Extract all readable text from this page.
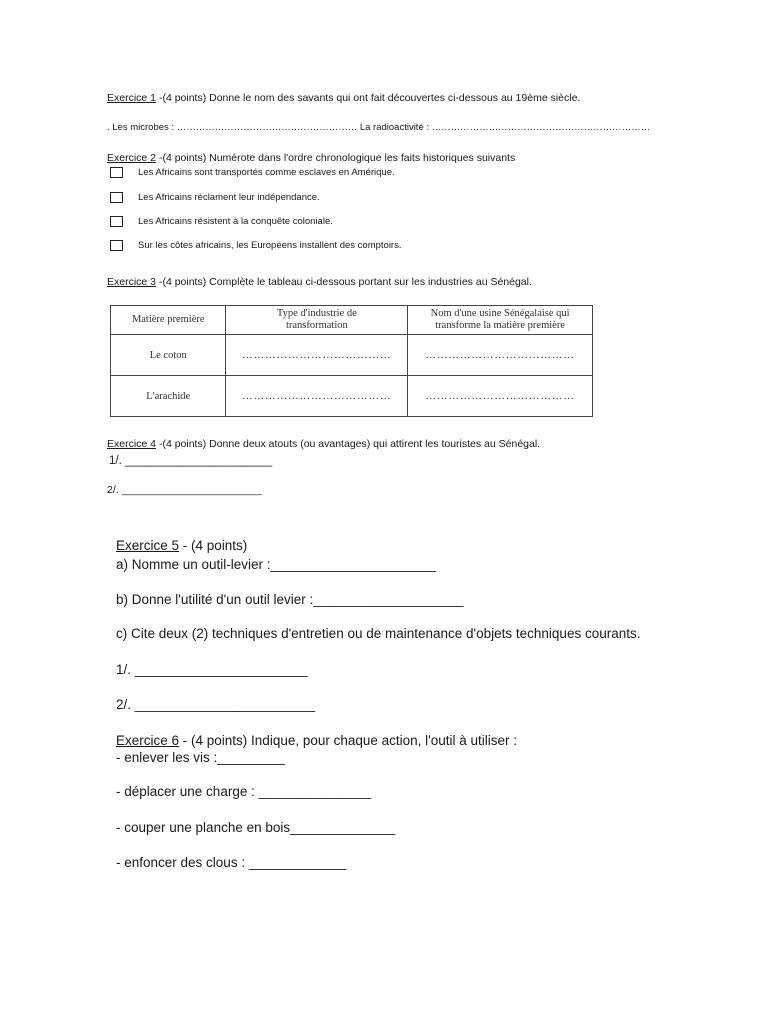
Exercice 1 -(4 points) Donne le nom des savants qui ont fait découvertes ci-dessous au 19ème siècle.
. Les microbes : ………………………………………………… La radioactivité : ……………………………………………………………
Exercice 2 -(4 points) Numérote dans l'ordre chronologique les faits historiques suivants
Les Africains sont transportés comme esclaves en Amérique.
Les Africains réclament leur indépendance.
Les Africains résistent à la conquête coloniale.
Sur les côtes africains, les Européens installent des comptoirs.
Exercice 3 -(4 points) Complète le tableau ci-dessous portant sur les industries au Sénégal.
Matière première	Type d'industrie de transformation	Nom d'une usine Sénégalaise qui transforme la matière première
Le coton	…………………………………	…………………………………
L'arachide	…………………………………	…………………………………
Exercice 4 -(4 points) Donne deux atouts (ou avantages) qui attirent les touristes au Sénégal.
1/. _______________________
2/. ________________________
Exercice 5 - (4 points)
a) Nomme un outil-levier :______________________
b) Donne l'utilité d'un outil levier :____________________
c) Cite deux (2) techniques d'entretien ou de maintenance d'objets techniques courants.
1/. _______________________
2/. ________________________
Exercice 6 - (4 points) Indique, pour chaque action, l'outil à utiliser :
- enlever les vis :_________
- déplacer une charge : _______________
- couper une planche en bois______________
- enfoncer des clous : _____________
